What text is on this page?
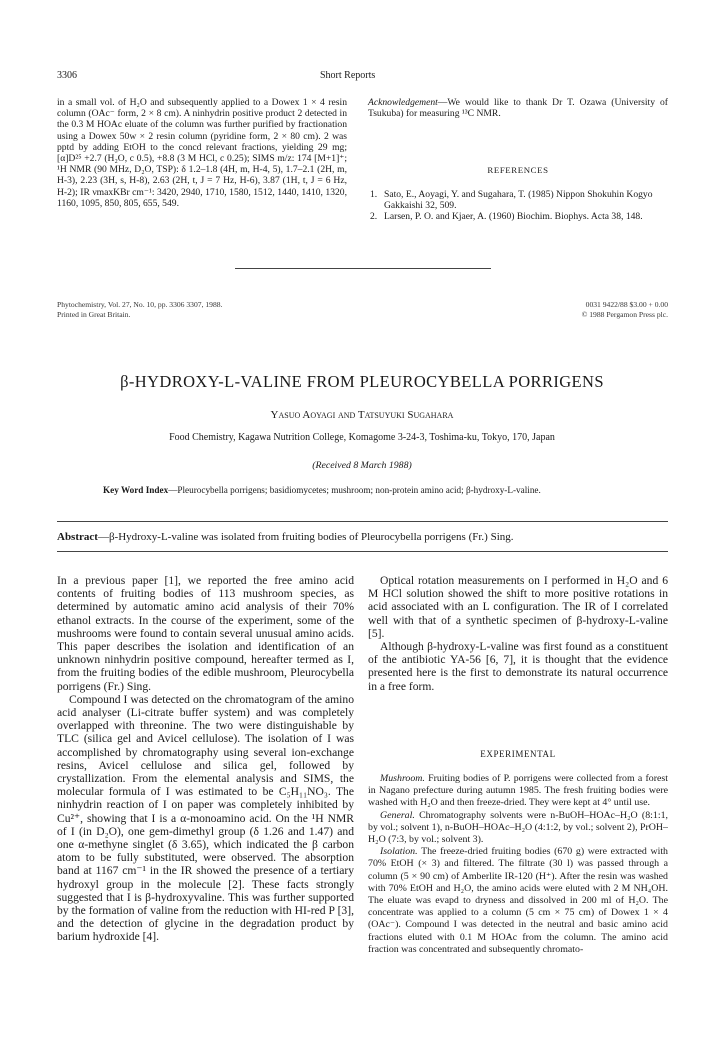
3306	Short Reports

in a small vol. of H₂O and subsequently applied to a Dowex 1 × 4 resin column (OAc⁻ form, 2 × 8 cm). A ninhydrin positive product 2 detected in the 0.3 M HOAc eluate of the column was further purified by fractionation using a Dowex 50w × 2 resin column (pyridine form, 2 × 80 cm). 2 was pptd by adding EtOH to the concd relevant fractions, yielding 29 mg; [α]D²⁵ +2.7 (H₂O, c 0.5), +8.8 (3 M HCl, c 0.25); SIMS m/z: 174 [M+1]⁺; ¹H NMR (90 MHz, D₂O, TSP): δ 1.2–1.8 (4H, m, H-4, 5), 1.7–2.1 (2H, m, H-3), 2.23 (3H, s, H-8), 2.63 (2H, t, J = 7 Hz, H-6), 3.87 (1H, t, J = 6 Hz, H-2); IR νmaxKBr cm⁻¹: 3420, 2940, 1710, 1580, 1512, 1440, 1410, 1320, 1160, 1095, 850, 805, 655, 549.

Acknowledgement—We would like to thank Dr T. Ozawa (University of Tsukuba) for measuring ¹³C NMR.

REFERENCES

1. Sato, E., Aoyagi, Y. and Sugahara, T. (1985) Nippon Shokuhin Kogyo Gakkaishi 32, 509.
2. Larsen, P. O. and Kjaer, A. (1960) Biochim. Biophys. Acta 38, 148.
Phytochemistry, Vol. 27, No. 10, pp. 3306 3307, 1988.
Printed in Great Britain.
0031 9422/88 $3.00 + 0.00
© 1988 Pergamon Press plc.
β-HYDROXY-L-VALINE FROM PLEUROCYBELLA PORRIGENS
Yasuo Aoyagi and Tatsuyuki Sugahara
Food Chemistry, Kagawa Nutrition College, Komagome 3-24-3, Toshima-ku, Tokyo, 170, Japan
(Received 8 March 1988)
Key Word Index—Pleurocybella porrigens; basidiomycetes; mushroom; non-protein amino acid; β-hydroxy-L-valine.
Abstract—β-Hydroxy-L-valine was isolated from fruiting bodies of Pleurocybella porrigens (Fr.) Sing.

In a previous paper [1], we reported the free amino acid contents of fruiting bodies of 113 mushroom species, as determined by automatic amino acid analysis of their 70% ethanol extracts. In the course of the experiment, some of the mushrooms were found to contain several unusual amino acids. This paper describes the isolation and identification of an unknown ninhydrin positive compound, hereafter termed as I, from the fruiting bodies of the edible mushroom, Pleurocybella porrigens (Fr.) Sing.

Compound I was detected on the chromatogram of the amino acid analyser (Li-citrate buffer system) and was completely overlapped with threonine. The two were distinguishable by TLC (silica gel and Avicel cellulose). The isolation of I was accomplished by chromatography using several ion-exchange resins, Avicel cellulose and silica gel, followed by crystallization. From the elemental analysis and SIMS, the molecular formula of I was estimated to be C₅H₁₁NO₃. The ninhydrin reaction of I on paper was completely inhibited by Cu²⁺, showing that I is a α-monoamino acid. On the ¹H NMR of I (in D₂O), one gem-dimethyl group (δ 1.26 and 1.47) and one α-methyne singlet (δ 3.65), which indicated the β carbon atom to be fully substituted, were observed. The absorption band at 1167 cm⁻¹ in the IR showed the presence of a tertiary hydroxyl group in the molecule [2]. These facts strongly suggested that I is β-hydroxyvaline. This was further supported by the formation of valine from the reduction with HI-red P [3], and the detection of glycine in the degradation product by barium hydroxide [4].

Optical rotation measurements on I performed in H₂O and 6 M HCl solution showed the shift to more positive rotations in acid associated with an L configuration. The IR of I correlated well with that of a synthetic specimen of β-hydroxy-L-valine [5].

Although β-hydroxy-L-valine was first found as a constituent of the antibiotic YA-56 [6, 7], it is thought that the evidence presented here is the first to demonstrate its natural occurrence in a free form.

EXPERIMENTAL

Mushroom. Fruiting bodies of P. porrigens were collected from a forest in Nagano prefecture during autumn 1985. The fresh fruiting bodies were washed with H₂O and then freeze-dried. They were kept at 4° until use.

General. Chromatography solvents were n-BuOH–HOAc–H₂O (8:1:1, by vol.; solvent 1), n-BuOH–HOAc–H₂O (4:1:2, by vol.; solvent 2), PrOH–H₂O (7:3, by vol.; solvent 3).

Isolation. The freeze-dried fruiting bodies (670 g) were extracted with 70% EtOH (× 3) and filtered. The filtrate (30 l) was passed through a column (5 × 90 cm) of Amberlite IR-120 (H⁺). After the resin was washed with 70% EtOH and H₂O, the amino acids were eluted with 2 M NH₄OH. The eluate was evapd to dryness and dissolved in 200 ml of H₂O. The concentrate was applied to a column (5 cm × 75 cm) of Dowex 1 × 4 (OAc⁻). Compound I was detected in the neutral and basic amino acid fractions eluted with 0.1 M HOAc from the column. The amino acid fraction was concentrated and subsequently chromato-
